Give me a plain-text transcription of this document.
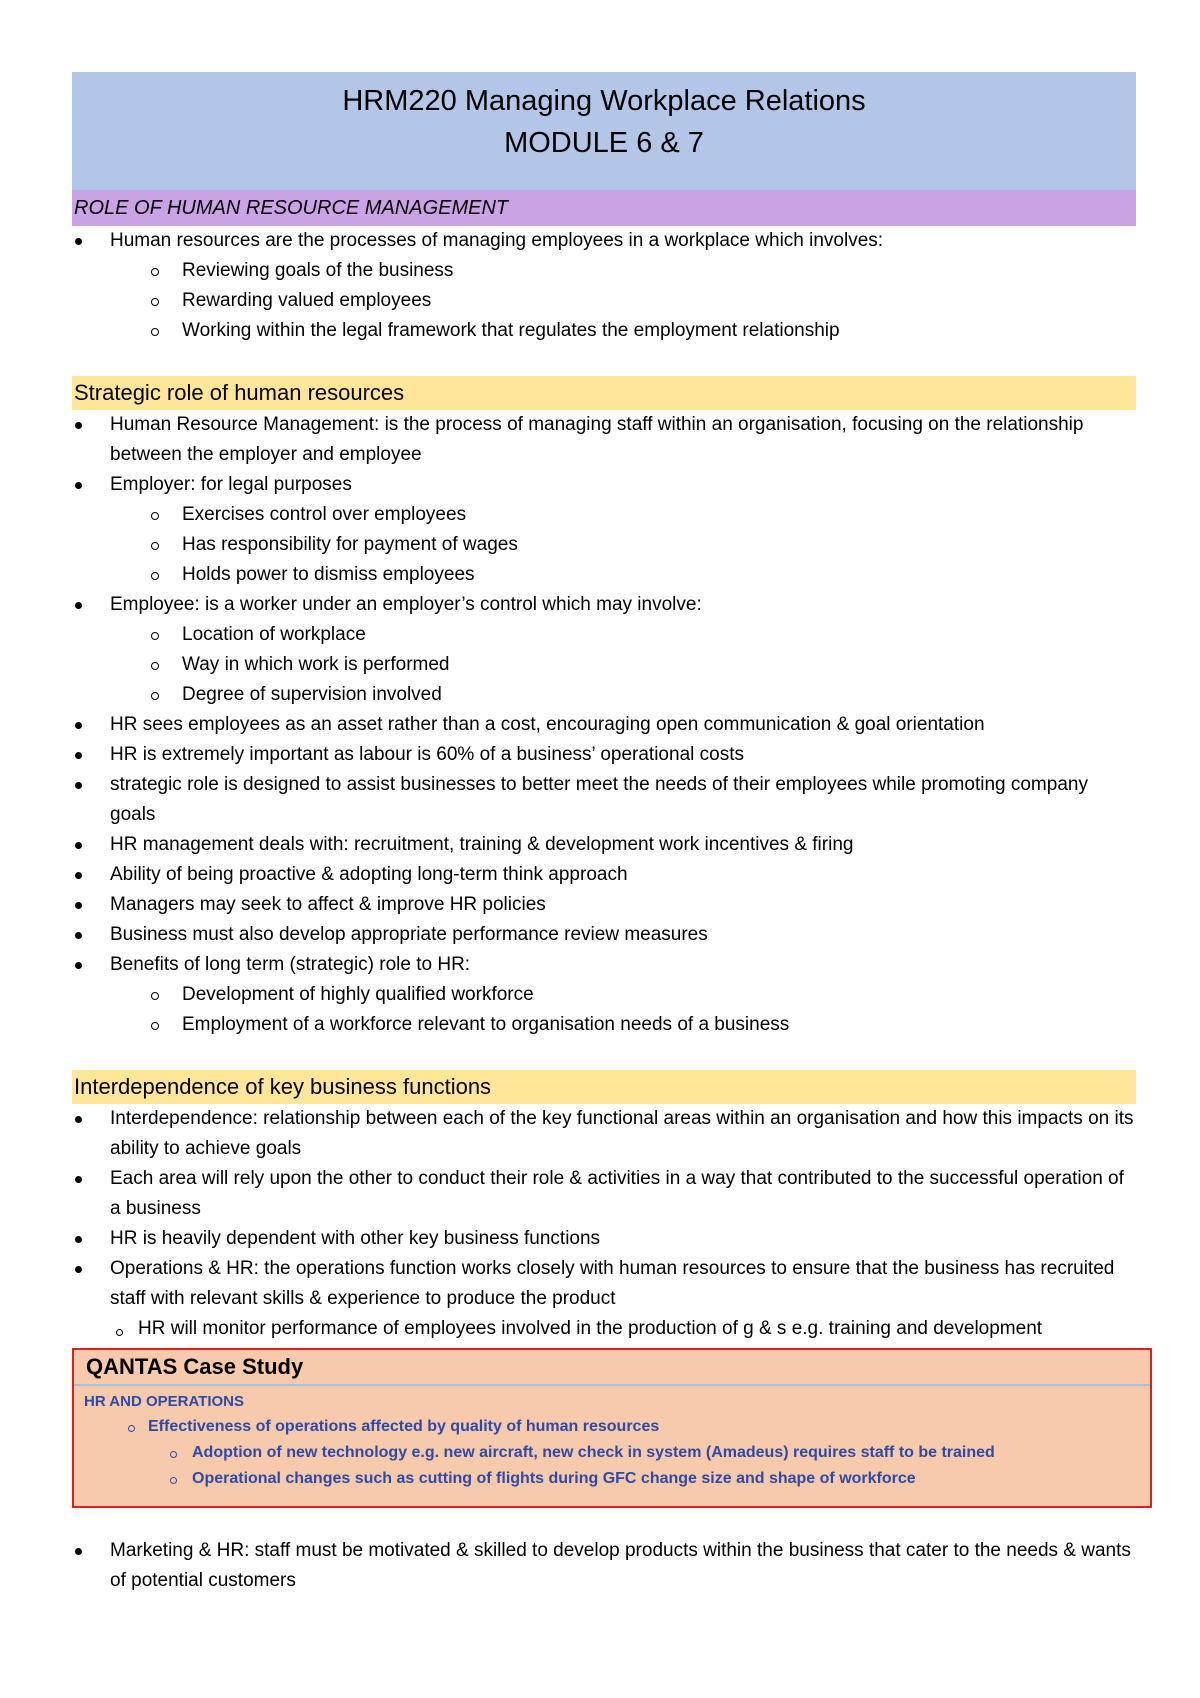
HRM220 Managing Workplace Relations
MODULE 6 & 7
ROLE OF HUMAN RESOURCE MANAGEMENT
Human resources are the processes of managing employees in a workplace which involves:
Reviewing goals of the business
Rewarding valued employees
Working within the legal framework that regulates the employment relationship
Strategic role of human resources
Human Resource Management: is the process of managing staff within an organisation, focusing on the relationship between the employer and employee
Employer: for legal purposes
Exercises control over employees
Has responsibility for payment of wages
Holds power to dismiss employees
Employee: is a worker under an employer’s control which may involve:
Location of workplace
Way in which work is performed
Degree of supervision involved
HR sees employees as an asset rather than a cost, encouraging open communication & goal orientation
HR is extremely important as labour is 60% of a business’ operational costs
strategic role is designed to assist businesses to better meet the needs of their employees while promoting company goals
HR management deals with: recruitment, training & development work incentives & firing
Ability of being proactive & adopting long-term think approach
Managers may seek to affect & improve HR policies
Business must also develop appropriate performance review measures
Benefits of long term (strategic) role to HR:
Development of highly qualified workforce
Employment of a workforce relevant to organisation needs of a business
Interdependence of key business functions
Interdependence: relationship between each of the key functional areas within an organisation and how this impacts on its ability to achieve goals
Each area will rely upon the other to conduct their role & activities in a way that contributed to the successful operation of a business
HR is heavily dependent with other key business functions
Operations & HR: the operations function works closely with human resources to ensure that the business has recruited staff with relevant skills & experience to produce the product
HR will monitor performance of employees involved in the production of g & s e.g. training and development
QANTAS Case Study
HR AND OPERATIONS
Effectiveness of operations affected by quality of human resources
Adoption of new technology e.g. new aircraft, new check in system (Amadeus) requires staff to be trained
Operational changes such as cutting of flights during GFC change size and shape of workforce
Marketing & HR: staff must be motivated & skilled to develop products within the business that cater to the needs & wants of potential customers
